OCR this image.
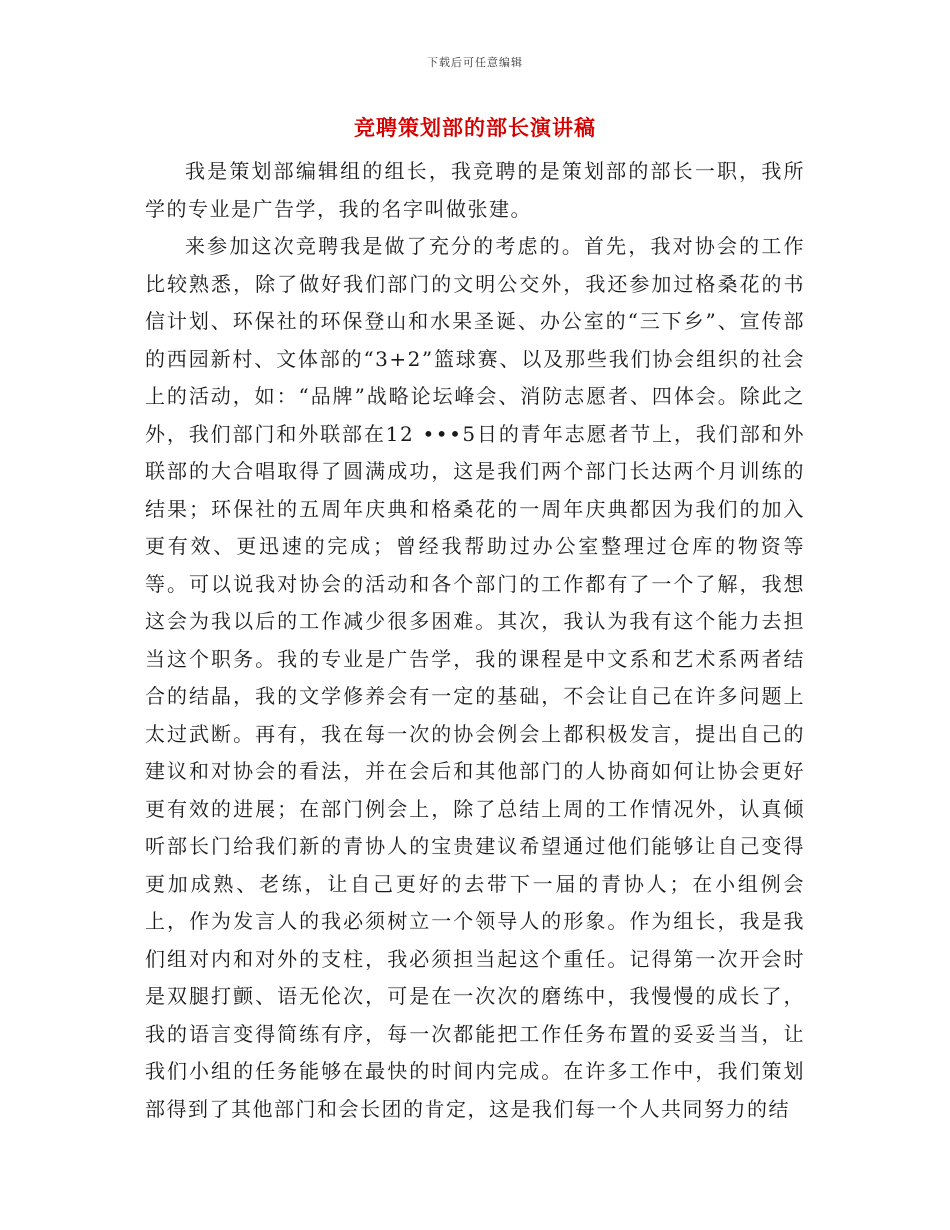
下载后可任意编辑
竞聘策划部的部长演讲稿

我是策划部编辑组的组长，我竞聘的是策划部的部长一职，我所学的专业是广告学，我的名字叫做张建。

来参加这次竞聘我是做了充分的考虑的。首先，我对协会的工作比较熟悉，除了做好我们部门的文明公交外，我还参加过格桑花的书信计划、环保社的环保登山和水果圣诞、办公室的“三下乡”、宣传部的西园新村、文体部的“3+2”篮球赛、以及那些我们协会组织的社会上的活动，如：“品牌”战略论坛峰会、消防志愿者、四体会。除此之外，我们部门和外联部在12 •••5日的青年志愿者节上，我们部和外联部的大合唱取得了圆满成功，这是我们两个部门长达两个月训练的结果；环保社的五周年庆典和格桑花的一周年庆典都因为我们的加入更有效、更迅速的完成；曾经我帮助过办公室整理过仓库的物资等等。可以说我对协会的活动和各个部门的工作都有了一个了解，我想这会为我以后的工作减少很多困难。其次，我认为我有这个能力去担当这个职务。我的专业是广告学，我的课程是中文系和艺术系两者结合的结晶，我的文学修养会有一定的基础，不会让自己在许多问题上太过武断。再有，我在每一次的协会例会上都积极发言，提出自己的建议和对协会的看法，并在会后和其他部门的人协商如何让协会更好更有效的进展；在部门例会上，除了总结上周的工作情况外，认真倾听部长门给我们新的青协人的宝贵建议希望通过他们能够让自己变得更加成熟、老练，让自己更好的去带下一届的青协人；在小组例会上，作为发言人的我必须树立一个领导人的形象。作为组长，我是我们组对内和对外的支柱，我必须担当起这个重任。记得第一次开会时是双腿打颤、语无伦次，可是在一次次的磨练中，我慢慢的成长了，我的语言变得简练有序，每一次都能把工作任务布置的妥妥当当，让我们小组的任务能够在最快的时间内完成。在许多工作中，我们策划部得到了其他部门和会长团的肯定，这是我们每一个人共同努力的结
